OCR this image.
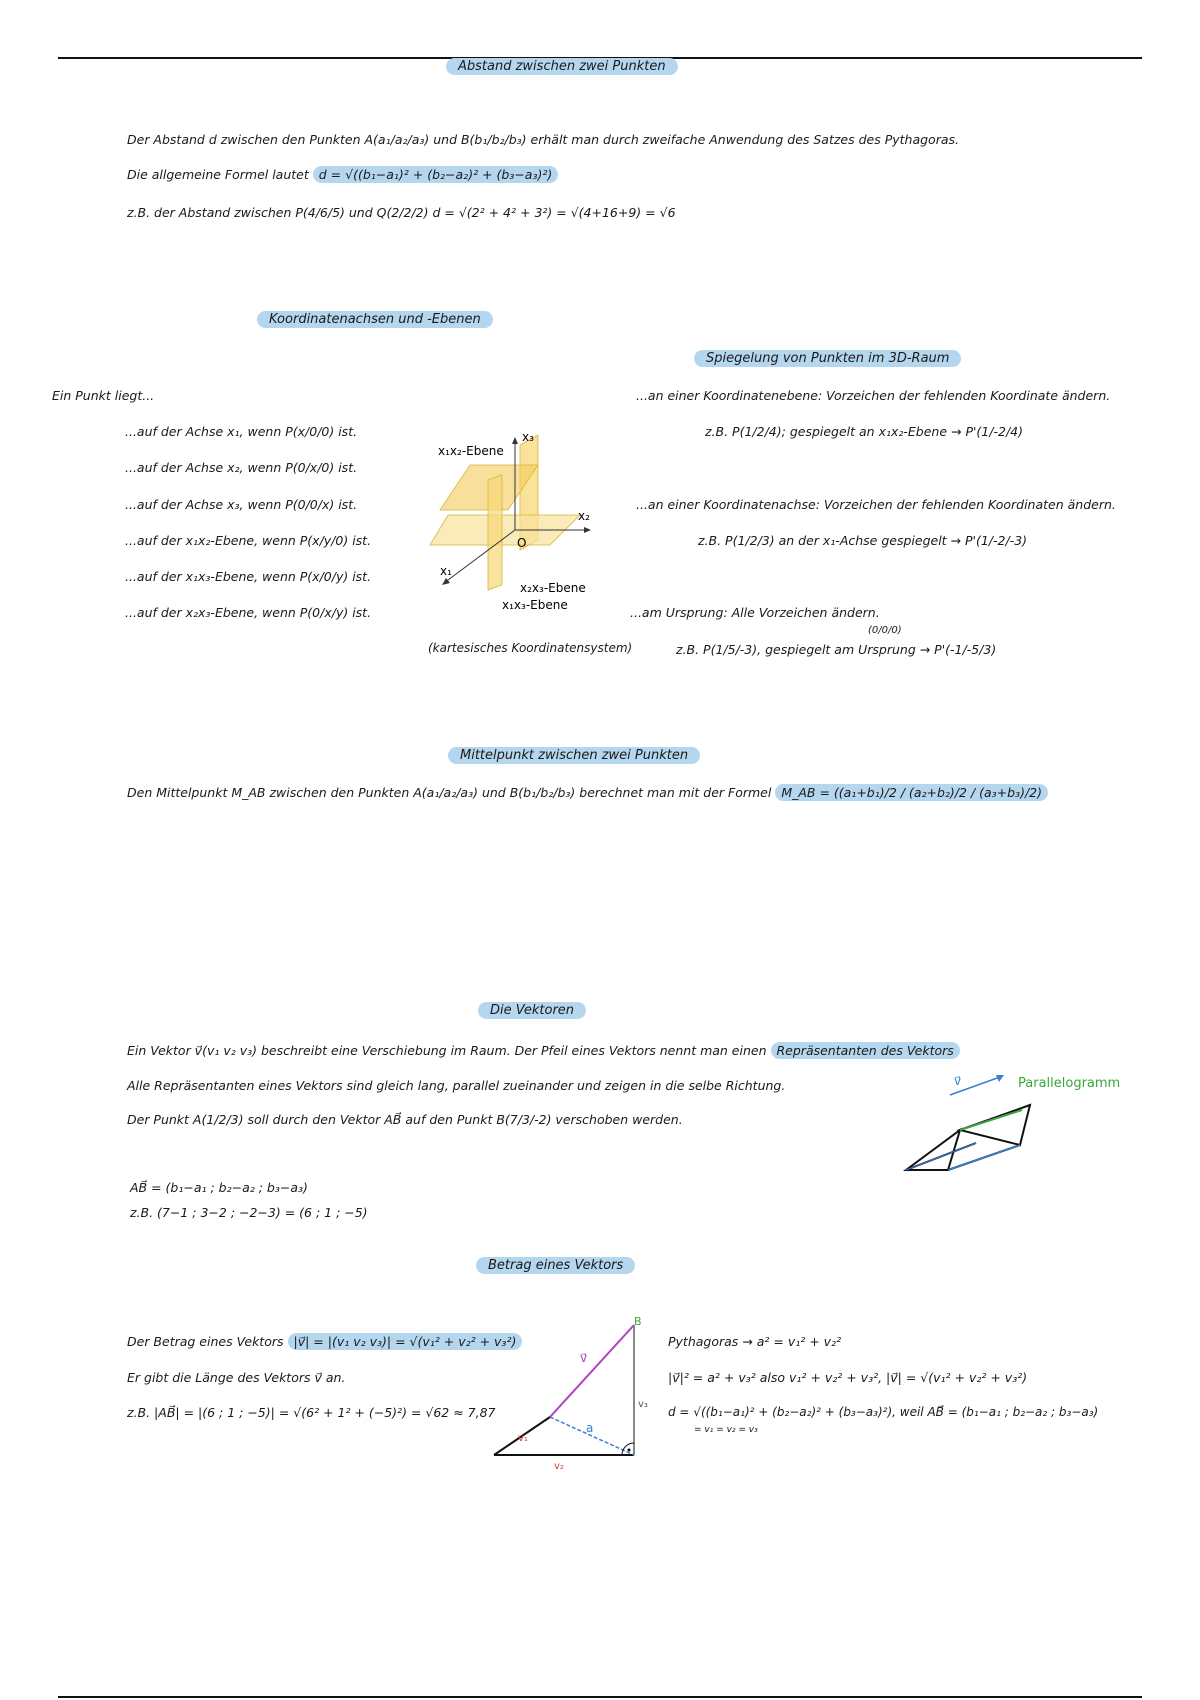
Abstand zwischen zwei Punkten
Der Abstand d zwischen den Punkten A(a₁/a₂/a₃) und B(b₁/b₂/b₃) erhält man durch zweifache Anwendung des Satzes des Pythagoras.
Die allgemeine Formel lautet d = √((b₁−a₁)² + (b₂−a₂)² + (b₃−a₃)²)
z.B. der Abstand zwischen P(4/6/5) und Q(2/2/2) d = √(2² + 4² + 3²) = √(4+16+9) = √6
Koordinatenachsen und -Ebenen
Ein Punkt liegt...
...auf der Achse x₁, wenn P(x/0/0) ist.
...auf der Achse x₂, wenn P(0/x/0) ist.
...auf der Achse x₃, wenn P(0/0/x) ist.
...auf der x₁x₂-Ebene, wenn P(x/y/0) ist.
...auf der x₁x₃-Ebene, wenn P(x/0/y) ist.
...auf der x₂x₃-Ebene, wenn P(0/x/y) ist.
x₃
x₂
x₁
O
x₁x₂-Ebene
x₂x₃-Ebene
x₁x₃-Ebene
(kartesisches Koordinatensystem)
Spiegelung von Punkten im 3D-Raum
...an einer Koordinatenebene: Vorzeichen der fehlenden Koordinate ändern.
z.B. P(1/2/4); gespiegelt an x₁x₂-Ebene → P'(1/-2/4)
...an einer Koordinatenachse: Vorzeichen der fehlenden Koordinaten ändern.
z.B. P(1/2/3) an der x₁-Achse gespiegelt → P'(1/-2/-3)
...am Ursprung: Alle Vorzeichen ändern.
(0/0/0)
z.B. P(1/5/-3), gespiegelt am Ursprung → P'(-1/-5/3)
Mittelpunkt zwischen zwei Punkten
Den Mittelpunkt M_AB zwischen den Punkten A(a₁/a₂/a₃) und B(b₁/b₂/b₃) berechnet man mit der Formel M_AB = ((a₁+b₁)/2 / (a₂+b₂)/2 / (a₃+b₃)/2)
Die Vektoren
Ein Vektor v⃗(v₁ v₂ v₃) beschreibt eine Verschiebung im Raum. Der Pfeil eines Vektors nennt man einen Repräsentanten des Vektors
Alle Repräsentanten eines Vektors sind gleich lang, parallel zueinander und zeigen in die selbe Richtung.
Der Punkt A(1/2/3) soll durch den Vektor AB⃗ auf den Punkt B(7/3/-2) verschoben werden.
AB⃗ = (b₁−a₁ ; b₂−a₂ ; b₃−a₃)
z.B. (7−1 ; 3−2 ; −2−3) = (6 ; 1 ; −5)
v⃗	Parallelogramm
Betrag eines Vektors
Der Betrag eines Vektors |v⃗| = |(v₁ v₂ v₃)| = √(v₁² + v₂² + v₃²)
Er gibt die Länge des Vektors v⃗ an.
z.B. |AB⃗| = |(6 ; 1 ; −5)| = √(6² + 1² + (−5)²) = √62 ≈ 7,87
v⃗
a
v₁
v₂
v₃
B
Pythagoras → a² = v₁² + v₂²
|v⃗|² = a² + v₃² also v₁² + v₂² + v₃², |v⃗| = √(v₁² + v₂² + v₃²)
d = √((b₁−a₁)² + (b₂−a₂)² + (b₃−a₃)²), weil AB⃗ = (b₁−a₁ ; b₂−a₂ ; b₃−a₃)
= v₁ = v₂ = v₃
